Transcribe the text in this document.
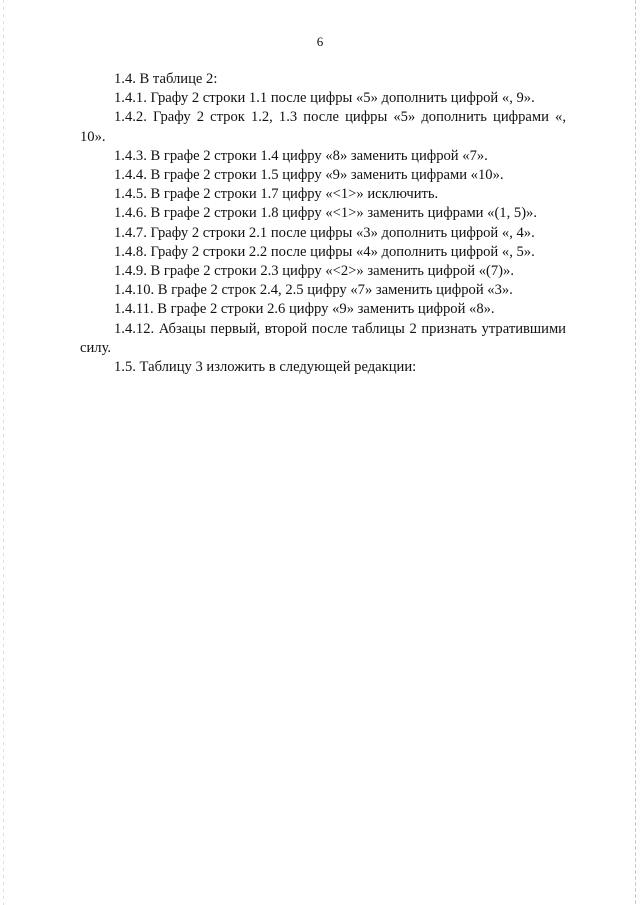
6

1.4. В таблице 2:

1.4.1. Графу 2 строки 1.1 после цифры «5» дополнить цифрой «, 9».

1.4.2. Графу 2 строк 1.2, 1.3 после цифры «5» дополнить цифрами «, 10».

1.4.3. В графе 2 строки 1.4 цифру «8» заменить цифрой «7».

1.4.4. В графе 2 строки 1.5 цифру «9» заменить цифрами «10».

1.4.5. В графе 2 строки 1.7 цифру «<1>» исключить.

1.4.6. В графе 2 строки 1.8 цифру «<1>» заменить цифрами «(1, 5)».

1.4.7. Графу 2 строки 2.1 после цифры «3» дополнить цифрой «, 4».

1.4.8. Графу 2 строки 2.2 после цифры «4» дополнить цифрой «, 5».

1.4.9. В графе 2 строки 2.3 цифру «<2>» заменить цифрой «(7)».

1.4.10. В графе 2 строк 2.4, 2.5 цифру «7» заменить цифрой «3».

1.4.11. В графе 2 строки 2.6 цифру «9» заменить цифрой «8».

1.4.12. Абзацы первый, второй после таблицы 2 признать утратившими силу.

1.5. Таблицу 3 изложить в следующей редакции:
